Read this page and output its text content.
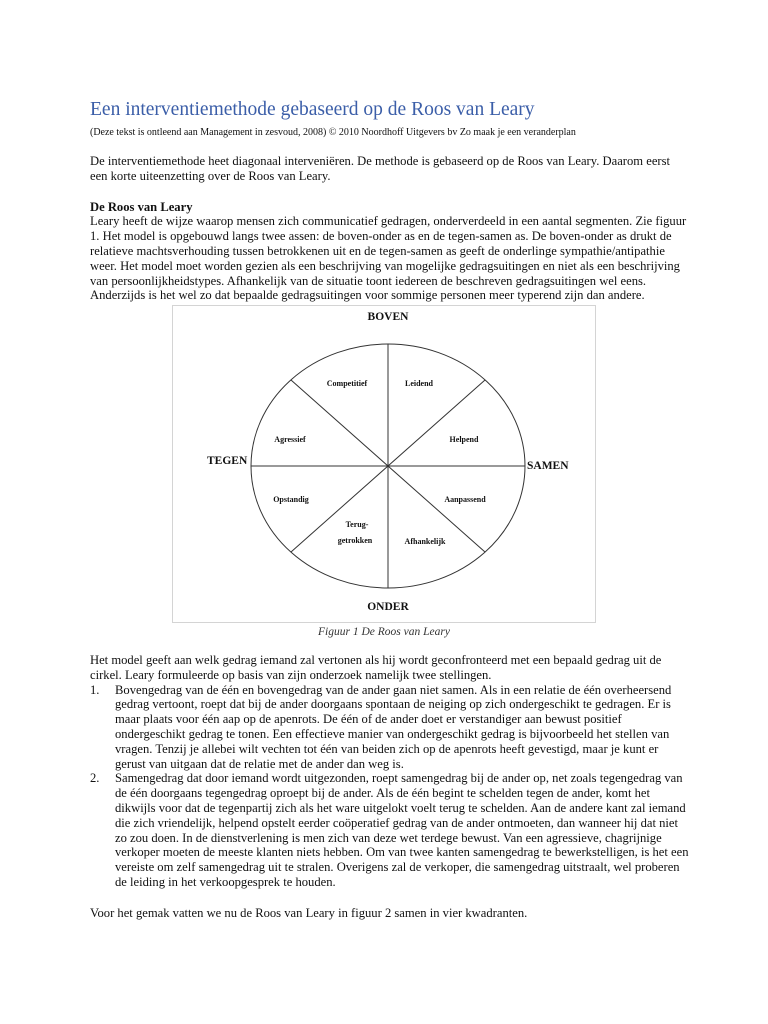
Een interventiemethode gebaseerd op de Roos van Leary
(Deze tekst is ontleend aan Management in zesvoud, 2008) © 2010 Noordhoff Uitgevers bv Zo maak je een veranderplan

De interventiemethode heet diagonaal interveniëren. De methode is gebaseerd op de Roos van Leary. Daarom eerst een korte uiteenzetting over de Roos van Leary.

De Roos van Leary

Leary heeft de wijze waarop mensen zich communicatief gedragen, onderverdeeld in een aantal segmenten. Zie figuur 1. Het model is opgebouwd langs twee assen: de boven-onder as en de tegen-samen as. De boven-onder as drukt de relatieve machtsverhouding tussen betrokkenen uit en de tegen-samen as geeft de onderlinge sympathie/antipathie weer. Het model moet worden gezien als een beschrijving van mogelijke gedragsuitingen en niet als een beschrijving van persoonlijkheidstypes. Afhankelijk van de situatie toont iedereen de beschreven gedragsuitingen wel eens. Anderzijds is het wel zo dat bepaalde gedragsuitingen voor sommige personen meer typerend zijn dan andere.

BOVEN
ONDER
TEGEN	SAMEN
Competitief	Leidend
Helpend
Aanpassend
Afhankelijk
Terug-
getrokken
Opstandig
Agressief
Figuur 1 De Roos van Leary

Het model geeft aan welk gedrag iemand zal vertonen als hij wordt geconfronteerd met een bepaald gedrag uit de cirkel. Leary formuleerde op basis van zijn onderzoek namelijk twee stellingen.

1. Bovengedrag van de één en bovengedrag van de ander gaan niet samen. Als in een relatie de één overheersend gedrag vertoont, roept dat bij de ander doorgaans spontaan de neiging op zich ondergeschikt te gedragen. Er is maar plaats voor één aap op de apenrots. De één of de ander doet er verstandiger aan bewust positief ondergeschikt gedrag te tonen. Een effectieve manier van ondergeschikt gedrag is bijvoorbeeld het stellen van vragen. Tenzij je allebei wilt vechten tot één van beiden zich op de apenrots heeft gevestigd, maar je kunt er gerust van uitgaan dat de relatie met de ander dan weg is.
2. Samengedrag dat door iemand wordt uitgezonden, roept samengedrag bij de ander op, net zoals tegengedrag van de één doorgaans tegengedrag oproept bij de ander. Als de één begint te schelden tegen de ander, komt het dikwijls voor dat de tegenpartij zich als het ware uitgelokt voelt terug te schelden. Aan de andere kant zal iemand die zich vriendelijk, helpend opstelt eerder coöperatief gedrag van de ander ontmoeten, dan wanneer hij dat niet zo zou doen. In de dienstverlening is men zich van deze wet terdege bewust. Van een agressieve, chagrijnige verkoper moeten de meeste klanten niets hebben. Om van twee kanten samengedrag te bewerkstelligen, is het een vereiste om zelf samengedrag uit te stralen. Overigens zal de verkoper, die samengedrag uitstraalt, wel proberen de leiding in het verkoopgesprek te houden.
Voor het gemak vatten we nu de Roos van Leary in figuur 2 samen in vier kwadranten.
